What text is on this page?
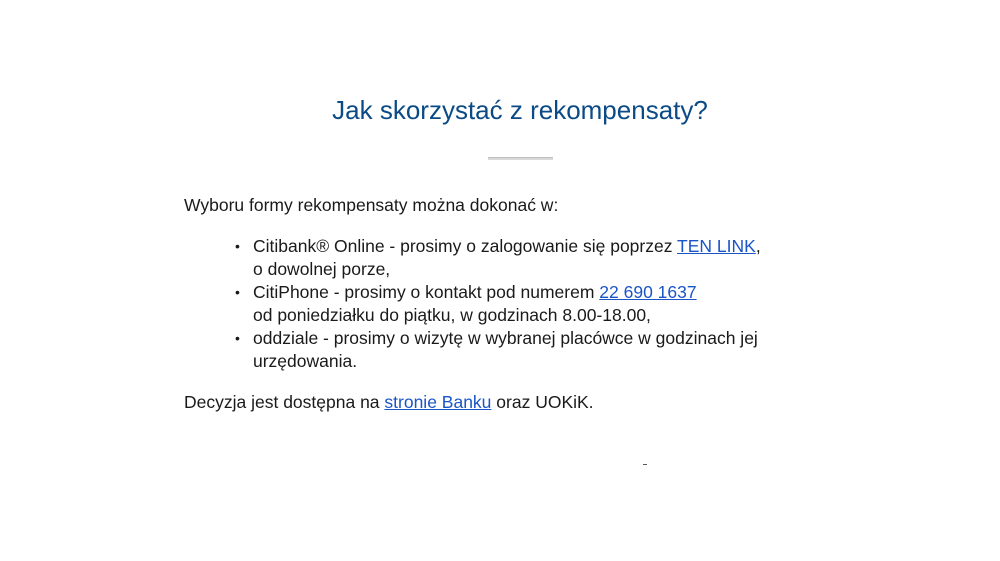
Jak skorzystać z rekompensaty?

Wyboru formy rekompensaty można dokonać w:

• Citibank® Online - prosimy o zalogowanie się poprzez TEN LINK,
o dowolnej porze,
• CitiPhone - prosimy o kontakt pod numerem 22 690 1637
od poniedziałku do piątku, w godzinach 8.00-18.00,
• oddziale - prosimy o wizytę w wybranej placówce w godzinach jej
urzędowania.

Decyzja jest dostępna na stronie Banku oraz UOKiK.
